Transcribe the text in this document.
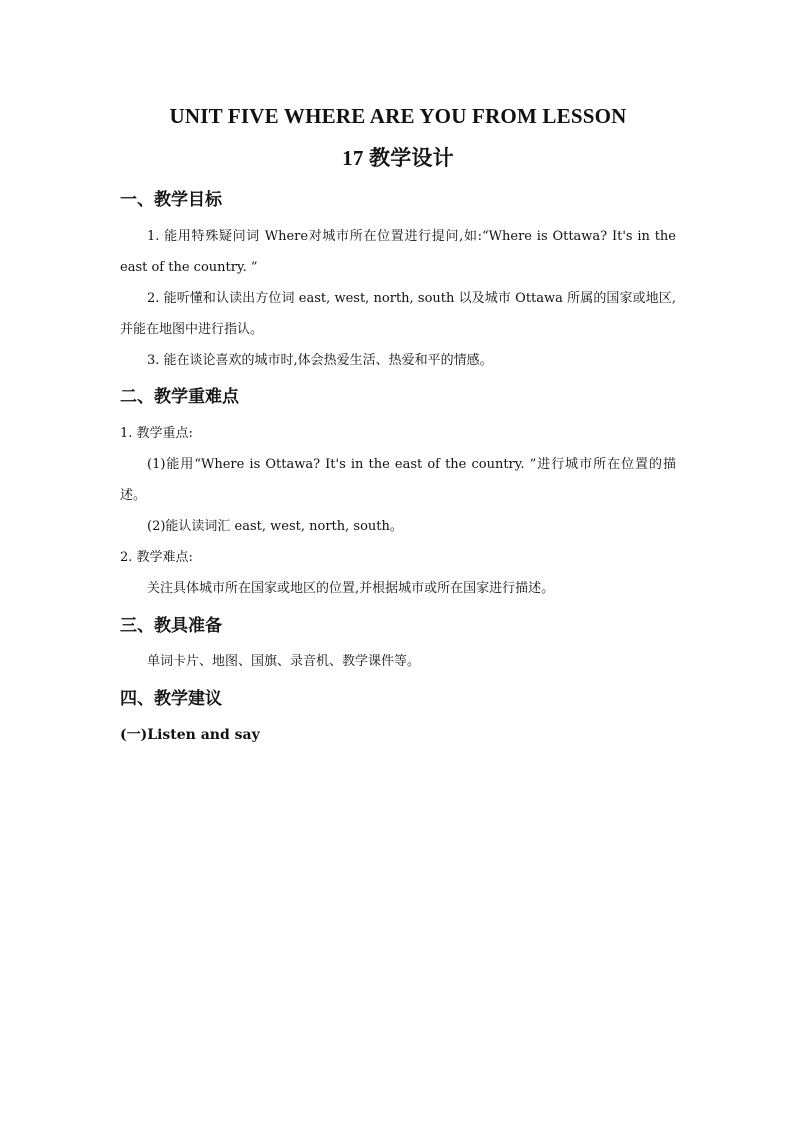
UNIT FIVE WHERE ARE YOU FROM LESSON
17 教学设计
一、教学目标

1. 能用特殊疑问词 Where对城市所在位置进行提问,如:“Where is Ottawa? It's in the east of the country. ”

2. 能听懂和认读出方位词 east, west, north, south 以及城市 Ottawa 所属的国家或地区,并能在地图中进行指认。

3. 能在谈论喜欢的城市时,体会热爱生活、热爱和平的情感。

二、教学重难点

1. 教学重点:

(1)能用“Where is Ottawa? It's in the east of the country. ”进行城市所在位置的描述。

(2)能认读词汇 east, west, north, south。

2. 教学难点:

关注具体城市所在国家或地区的位置,并根据城市或所在国家进行描述。

三、教具准备

单词卡片、地图、国旗、录音机、教学课件等。

四、教学建议

(一)Listen and say
